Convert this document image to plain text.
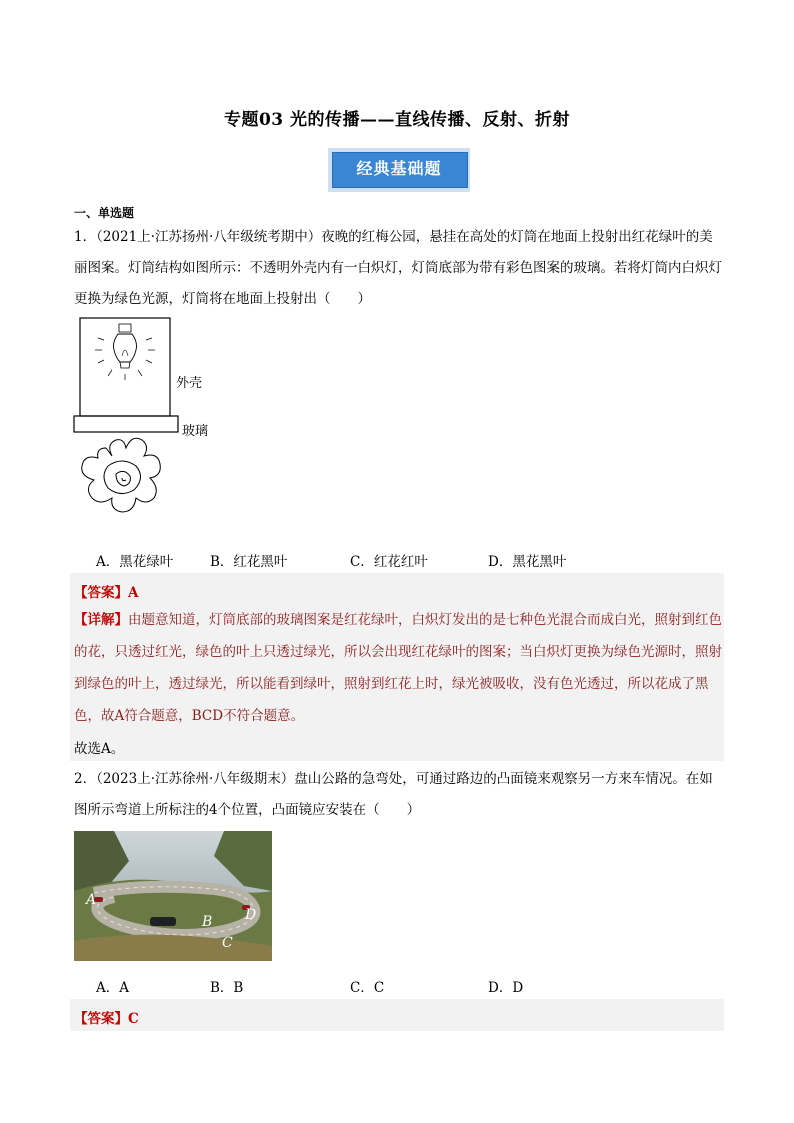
专题03 光的传播——直线传播、反射、折射
经典基础题
一、单选题
1．（2021上·江苏扬州·八年级统考期中）夜晚的红梅公园，悬挂在高处的灯筒在地面上投射出红花绿叶的美丽图案。灯筒结构如图所示：不透明外壳内有一白炽灯，灯筒底部为带有彩色图案的玻璃。若将灯筒内白炽灯更换为绿色光源，灯筒将在地面上投射出（　　）
外壳
玻璃
A．黑花绿叶	B．红花黑叶	C．红花红叶	D．黑花黑叶
【答案】A
【详解】由题意知道，灯筒底部的玻璃图案是红花绿叶，白炽灯发出的是七种色光混合而成白光，照射到红色的花，只透过红光，绿色的叶上只透过绿光，所以会出现红花绿叶的图案；当白炽灯更换为绿色光源时，照射到绿色的叶上，透过绿光，所以能看到绿叶，照射到红花上时，绿光被吸收，没有色光透过，所以花成了黑色，故A符合题意，BCD不符合题意。
故选A。
2．（2023上·江苏徐州·八年级期末）盘山公路的急弯处，可通过路边的凸面镜来观察另一方来车情况。在如图所示弯道上所标注的4个位置，凸面镜应安装在（　　）
A
B
C
D
A．A	B．B	C．C	D．D
【答案】C
